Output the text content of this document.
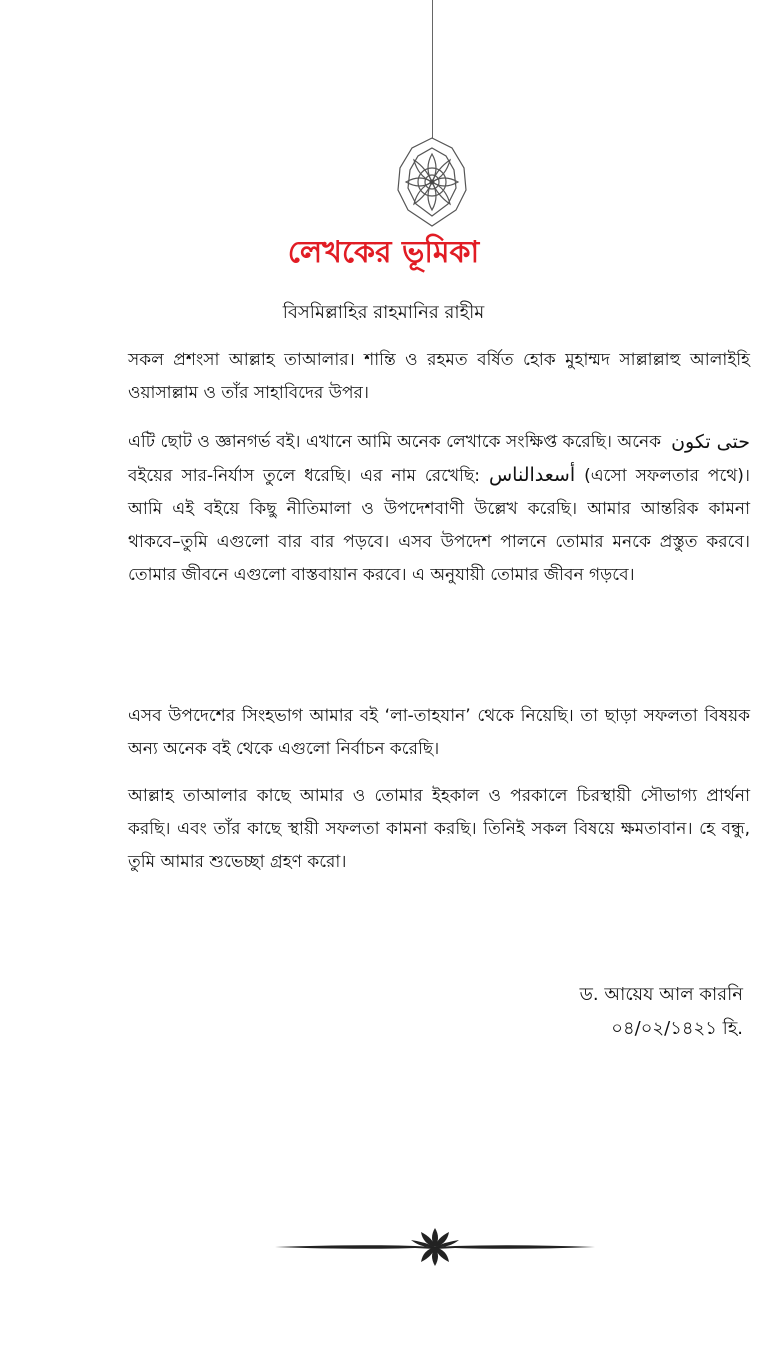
লেখকের ভূমিকা
বিসমিল্লাহির রাহমানির রাহীম

সকল প্রশংসা আল্লাহ তাআলার। শান্তি ও রহমত বর্ষিত হোক মুহাম্মদ সাল্লাল্লাহু আলাইহি ওয়াসাল্লাম ও তাঁর সাহাবিদের উপর।

حتى تكون
এটি ছোট ও জ্ঞানগর্ভ বই। এখানে আমি অনেক লেখাকে সংক্ষিপ্ত করেছি। অনেক বইয়ের সার-নির্যাস তুলে ধরেছি। এর নাম রেখেছি: أسعدالناس (এসো সফলতার পথে)। আমি এই বইয়ে কিছু নীতিমালা ও উপদেশবাণী উল্লেখ করেছি। আমার আন্তরিক কামনা থাকবে–তুমি এগুলো বার বার পড়বে। এসব উপদেশ পালনে তোমার মনকে প্রস্তুত করবে। তোমার জীবনে এগুলো বাস্তবায়ান করবে। এ অনুযায়ী তোমার জীবন গড়বে।

এসব উপদেশের সিংহভাগ আমার বই ‘লা-তাহযান’ থেকে নিয়েছি। তা ছাড়া সফলতা বিষয়ক অন্য অনেক বই থেকে এগুলো নির্বাচন করেছি।

আল্লাহ তাআলার কাছে আমার ও তোমার ইহকাল ও পরকালে চিরস্থায়ী সৌভাগ্য প্রার্থনা করছি। এবং তাঁর কাছে স্থায়ী সফলতা কামনা করছি। তিনিই সকল বিষয়ে ক্ষমতাবান। হে বন্ধু, তুমি আমার শুভেচ্ছা গ্রহণ করো।

ড. আয়েয আল কারনি
০৪/০২/১৪২১ হি.
